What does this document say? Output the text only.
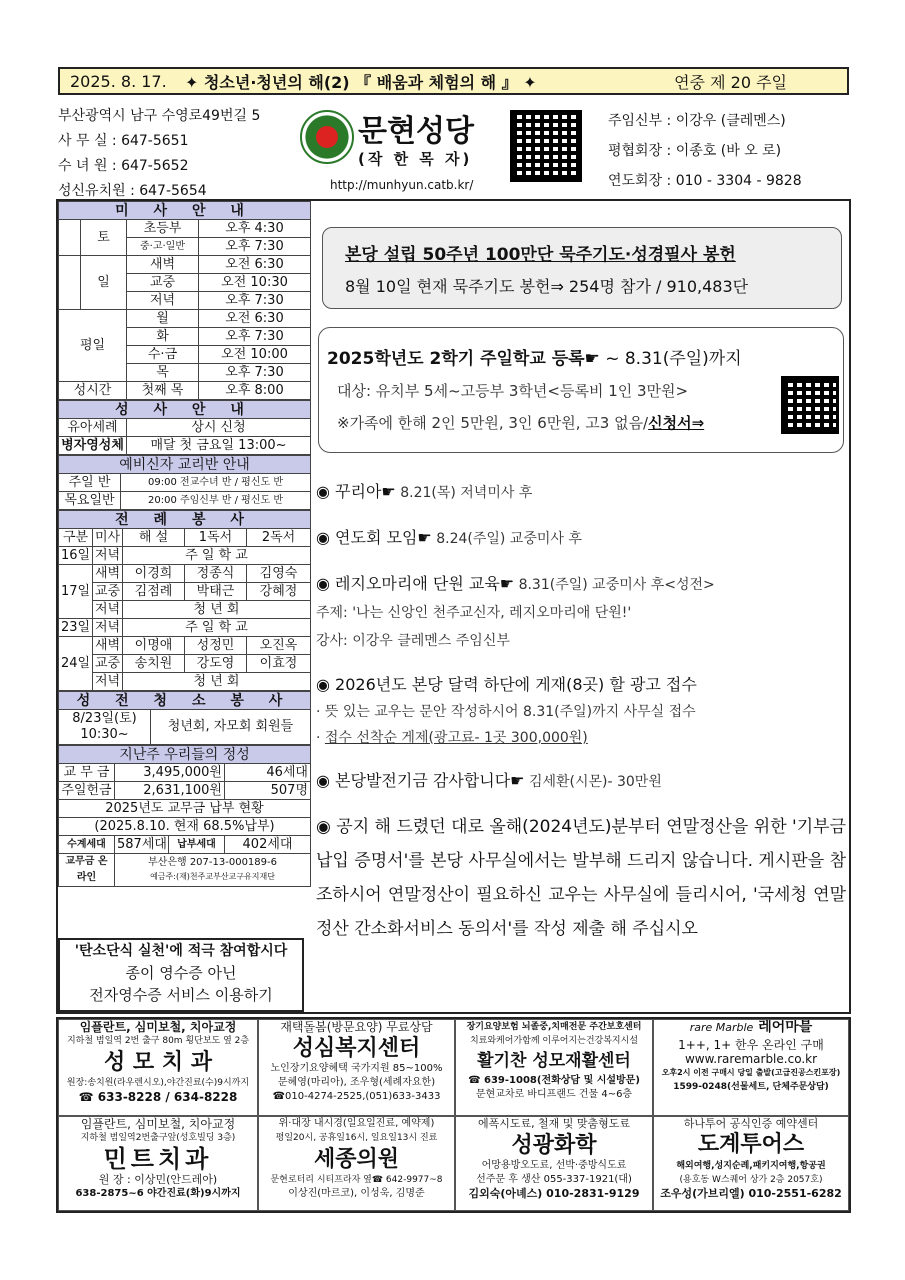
2025. 8. 17.	✦ 청소년·청년의 해(2) 『 배움과 체험의 해 』 ✦	연중 제 20 주일
부산광역시 남구 수영로49번길 5
사 무 실 : 647-5651
수 녀 원 : 647-5652
성신유치원 : 647-5654
문현성당
(작 한 목 자)
http://munhyun.catb.kr/
주임신부 : 이강우 (클레멘스)
평협회장 : 이종호 (바 오 로)
연도회장 : 010 - 3304 - 9828
미 사 안 내			
	토	초등부	오후 4:30
		중·고·일반	오후 7:30
	일	새벽	오전 6:30
		교중	오전 10:30
		저녁	오후 7:30
평일		월	오전 6:30
		화	오후 7:30
		수·금	오전 10:00
		목	오후 7:30
성시간		첫째 목	오후 8:00
성 사 안 내	
유아세례	상시 신청
병자영성체	매달 첫 금요일 13:00~
예비신자 교리반 안내	
주일 반	09:00 전교수녀 반 / 평신도 반
목요일반	20:00 주임신부 반 / 평신도 반
전 례 봉 사				
구분	미사	해 설	1독서	2독서
16일	저녁	주 일 학 교		
17일	새벽	이경희	정종식	김영숙
	교중	김점례	박태근	강혜정
	저녁	청 년 회		
23일	저녁	주 일 학 교		
24일	새벽	이명애	성정민	오진옥
	교중	송치원	강도영	이효정
	저녁	청 년 회		
성 전 청 소 봉 사
8/23일(토) 10:30~	청년회, 자모회 회원들
지난주 우리들의 정성			
교 무 금	3,495,000원		46세대
주일헌금	2,631,100원		507명
2025년도 교무금 납부 현황			
(2025.8.10. 현재 68.5%납부)			
수계세대	587세대	납부세대	402세대
교무금 온라인	부산은행 207-13-000189-6
예금주:(재)천주교부산교구유지재단		
'탄소단식 실천'에 적극 참여합시다
종이 영수증 아닌
전자영수증 서비스 이용하기
본당 설립 50주년 100만단 묵주기도·성경필사 봉헌
8월 10일 현재 묵주기도 봉헌⇒ 254명 참가 / 910,483단
2025학년도 2학기 주일학교 등록☛ ~ 8.31(주일)까지
대상: 유치부 5세~고등부 3학년<등록비 1인 3만원>
※가족에 한해 2인 5만원, 3인 6만원, 고3 없음/신청서⇒
◉ 꾸리아☛ 8.21(목) 저녁미사 후
◉ 연도회 모임☛ 8.24(주일) 교중미사 후
◉ 레지오마리애 단원 교육☛ 8.31(주일) 교중미사 후<성전>
주제: '나는 신앙인 천주교신자, 레지오마리애 단원!'
강사: 이강우 클레멘스 주임신부
◉ 2026년도 본당 달력 하단에 게재(8곳) 할 광고 접수
· 뜻 있는 교우는 문안 작성하시어 8.31(주일)까지 사무실 접수
· 접수 선착순 게제(광고료- 1곳 300,000원)
◉ 본당발전기금 감사합니다☛ 김세환(시몬)- 30만원
◉ 공지 해 드렸던 대로 올해(2024년도)분부터 연말정산을 위한 '기부금 납입 증명서'를 본당 사무실에서는 발부해 드리지 않습니다. 게시판을 참조하시어 연말정산이 필요하신 교우는 사무실에 들리시어, '국세청 연말정산 간소화서비스 동의서'를 작성 제출 해 주십시오
임플란트, 심미보철, 치아교정
지하철 범일역 2번 출구 80m 횡단보도 옆 2층
성 모 치 과
원장:송치원(라우렌시오),야간진료(수)9시까지
☎ 633-8228 / 634-8228
재택돌봄(방문요양) 무료상담
성심복지센터
노인장기요양혜택 국가지원 85~100%
문혜영(마리아), 조우형(세례자요한)
☎010-4274-2525,(051)633-3433
장기요양보험 뇌졸중,치매전문 주간보호센터
치료와케어가함께 이루어지는건강복지시설
활기찬 성모재활센터
☎ 639-1008(전화상담 및 시설방문)
문현교차로 바디프랜드 건물 4~6층
rare Marble 레어마블
1++, 1+ 한우 온라인 구매
www.raremarble.co.kr
오후2시 이전 구매시 당일 출발(고급진공스킨포장)
1599-0248(선물세트, 단체주문상담)
임플란트, 심미보철, 치아교정
지하철 범일역2번출구앞(성호빌딩 3층)
민트치과
원 장 : 이상민(안드레아)
638-2875~6 야간진료(화)9시까지
위·대장 내시경(일요일진료, 예약제)
평일20시, 공휴일16시, 일요일13시 진료
세종의원
문현로터리 시티프라자 옆☎ 642-9977~8
이상진(마르코), 이성욱, 김명준
에폭시도료, 철재 및 맞춤형도료
성광화학
어망용방오도료, 선박·중방식도료
선주문 후 생산 055-337-1921(대)
김외숙(아녜스) 010-2831-9129
하나투어 공식인증 예약센터
도계투어스
해외여행,성지순례,패키지여행,항공권
(용호동 W스퀘어 상가 2층 2057호)
조우성(가브리엘) 010-2551-6282
